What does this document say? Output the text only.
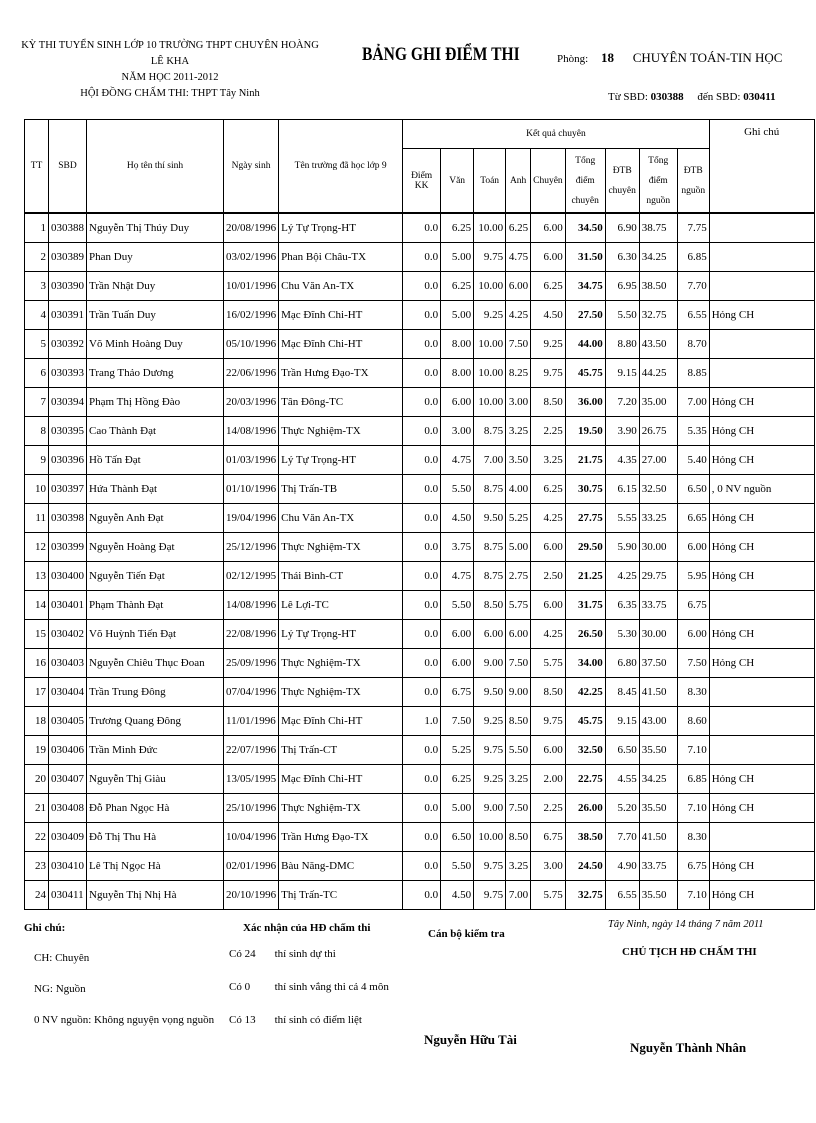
KỲ THI TUYỂN SINH LỚP 10 TRƯỜNG THPT CHUYÊN HOÀNG LÊ KHA
NĂM HỌC 2011-2012
HỘI ĐỒNG CHẤM THI: THPT Tây Ninh
BẢNG GHI ĐIỂM THI	Phòng: 18 CHUYÊN TOÁN-TIN HỌC
Từ SBD: 030388 đến SBD: 030411
TT	SBD	Họ tên thí sinh	Ngày sinh	Tên trường đã học lớp 9	Kết quả chuyên									Ghi chú
					Điểm KK	Văn	Toán	Anh	Chuyên	Tổng điểm chuyên	ĐTB chuyên	Tổng điểm nguồn	ĐTB nguồn	
1	030388	Nguyễn Thị Thúy Duy	20/08/1996	Lý Tự Trọng-HT	0.0	6.25	10.00	6.25	6.00	34.50	6.90	38.75	7.75	
2	030389	Phan Duy	03/02/1996	Phan Bội Châu-TX	0.0	5.00	9.75	4.75	6.00	31.50	6.30	34.25	6.85	
3	030390	Trần Nhật Duy	10/01/1996	Chu Văn An-TX	0.0	6.25	10.00	6.00	6.25	34.75	6.95	38.50	7.70	
4	030391	Trần Tuấn Duy	16/02/1996	Mạc Đĩnh Chi-HT	0.0	5.00	9.25	4.25	4.50	27.50	5.50	32.75	6.55	Hỏng CH
5	030392	Võ Minh Hoàng Duy	05/10/1996	Mạc Đĩnh Chi-HT	0.0	8.00	10.00	7.50	9.25	44.00	8.80	43.50	8.70	
6	030393	Trang Thảo Dương	22/06/1996	Trần Hưng Đạo-TX	0.0	8.00	10.00	8.25	9.75	45.75	9.15	44.25	8.85	
7	030394	Phạm Thị Hồng Đào	20/03/1996	Tân Đông-TC	0.0	6.00	10.00	3.00	8.50	36.00	7.20	35.00	7.00	Hỏng CH
8	030395	Cao Thành Đạt	14/08/1996	Thực Nghiệm-TX	0.0	3.00	8.75	3.25	2.25	19.50	3.90	26.75	5.35	Hỏng CH
9	030396	Hồ Tấn Đạt	01/03/1996	Lý Tự Trọng-HT	0.0	4.75	7.00	3.50	3.25	21.75	4.35	27.00	5.40	Hỏng CH
10	030397	Hứa Thành Đạt	01/10/1996	Thị Trấn-TB	0.0	5.50	8.75	4.00	6.25	30.75	6.15	32.50	6.50	, 0 NV nguồn
11	030398	Nguyễn Anh Đạt	19/04/1996	Chu Văn An-TX	0.0	4.50	9.50	5.25	4.25	27.75	5.55	33.25	6.65	Hỏng CH
12	030399	Nguyễn Hoàng Đạt	25/12/1996	Thực Nghiệm-TX	0.0	3.75	8.75	5.00	6.00	29.50	5.90	30.00	6.00	Hỏng CH
13	030400	Nguyễn Tiến Đạt	02/12/1995	Thái Bình-CT	0.0	4.75	8.75	2.75	2.50	21.25	4.25	29.75	5.95	Hỏng CH
14	030401	Phạm Thành Đạt	14/08/1996	Lê Lợi-TC	0.0	5.50	8.50	5.75	6.00	31.75	6.35	33.75	6.75	
15	030402	Võ Huỳnh Tiến Đạt	22/08/1996	Lý Tự Trọng-HT	0.0	6.00	6.00	6.00	4.25	26.50	5.30	30.00	6.00	Hỏng CH
16	030403	Nguyễn Chiêu Thục Đoan	25/09/1996	Thực Nghiệm-TX	0.0	6.00	9.00	7.50	5.75	34.00	6.80	37.50	7.50	Hỏng CH
17	030404	Trần Trung Đông	07/04/1996	Thực Nghiệm-TX	0.0	6.75	9.50	9.00	8.50	42.25	8.45	41.50	8.30	
18	030405	Trương Quang Đông	11/01/1996	Mạc Đĩnh Chi-HT	1.0	7.50	9.25	8.50	9.75	45.75	9.15	43.00	8.60	
19	030406	Trần Minh Đức	22/07/1996	Thị Trấn-CT	0.0	5.25	9.75	5.50	6.00	32.50	6.50	35.50	7.10	
20	030407	Nguyễn Thị Giàu	13/05/1995	Mạc Đĩnh Chi-HT	0.0	6.25	9.25	3.25	2.00	22.75	4.55	34.25	6.85	Hỏng CH
21	030408	Đỗ Phan Ngọc Hà	25/10/1996	Thực Nghiệm-TX	0.0	5.00	9.00	7.50	2.25	26.00	5.20	35.50	7.10	Hỏng CH
22	030409	Đỗ Thị Thu Hà	10/04/1996	Trần Hưng Đạo-TX	0.0	6.50	10.00	8.50	6.75	38.50	7.70	41.50	8.30	
23	030410	Lê Thị Ngọc Hà	02/01/1996	Bàu Năng-DMC	0.0	5.50	9.75	3.25	3.00	24.50	4.90	33.75	6.75	Hỏng CH
24	030411	Nguyễn Thị Nhị Hà	20/10/1996	Thị Trấn-TC	0.0	4.50	9.75	7.00	5.75	32.75	6.55	35.50	7.10	Hỏng CH
Ghi chú:
CH: Chuyên
NG: Nguồn
0 NV nguồn: Không nguyện vọng nguồn
Xác nhận của HĐ chấm thi
Có 24 thí sinh dự thi
Có 0 thí sinh vắng thi cả 4 môn
Có 13 thí sinh có điểm liệt
Cán bộ kiểm tra
Tây Ninh, ngày 14 tháng 7 năm 2011
CHỦ TỊCH HĐ CHẤM THI
Nguyễn Hữu Tài
Nguyễn Thành Nhân
